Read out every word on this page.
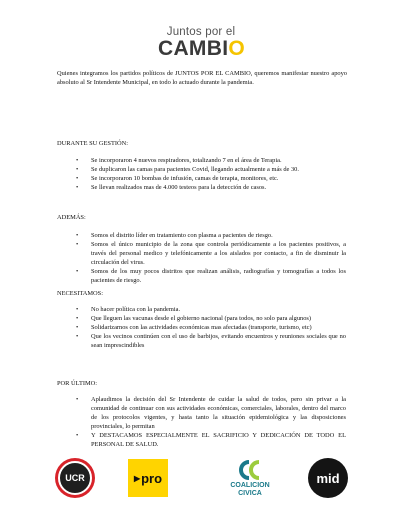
Juntos por el
CAMBIO
Quienes integramos los partidos políticos de JUNTOS POR EL CAMBIO, queremos manifestar nuestro apoyo absoluto al Sr Intendente Municipal, en todo lo actuado durante la pandemia.
DURANTE SU GESTIÓN:
• Se incorporaron 4 nuevos respiradores, totalizando 7 en el área de Terapia.
• Se duplicaron las camas para pacientes Covid, llegando actualmente a más de 30.
• Se incorporaron 10 bombas de infusión, camas de terapia, monitores, etc.
• Se llevan realizados mas de 4.000 testeos para la detección de casos.
ADEMÁS:
• Somos el distrito líder en tratamiento con plasma a pacientes de riesgo.
• Somos el único municipio de la zona que controla periódicamente a los pacientes positivos, a través del personal medico y telefónicamente a los aislados por contacto, a fin de disminuir la circulación del virus.
• Somos de los muy pocos distritos que realizan análisis, radiografías y tomografías a todos los pacientes de riesgo.
NECESITAMOS:
• No hacer política con la pandemia.
• Que lleguen las vacunas desde el gobierno nacional (para todos, no solo para algunos)
• Solidarizarnos con las actividades económicas mas afectadas (transporte, turismo, etc)
• Que los vecinos continúen con el uso de barbijos, evitando encuentros y reuniones sociales que no sean imprescindibles
POR ÚLTIMO:
• Aplaudimos la decisión del Sr Intendente de cuidar la salud de todos, pero sin privar a la comunidad de continuar con sus actividades económicas, comerciales, laborales, dentro del marco de los protocolos vigentes, y hasta tanto la situación epidemiológica y las disposiciones provinciales, lo permitan
• Y DESTACAMOS ESPECIALMENTE EL SACRIFICIO Y DEDICACIÓN DE TODO EL PERSONAL DE SALUD.
UCR	▶ pro	COALICION
CIVICA
mid
